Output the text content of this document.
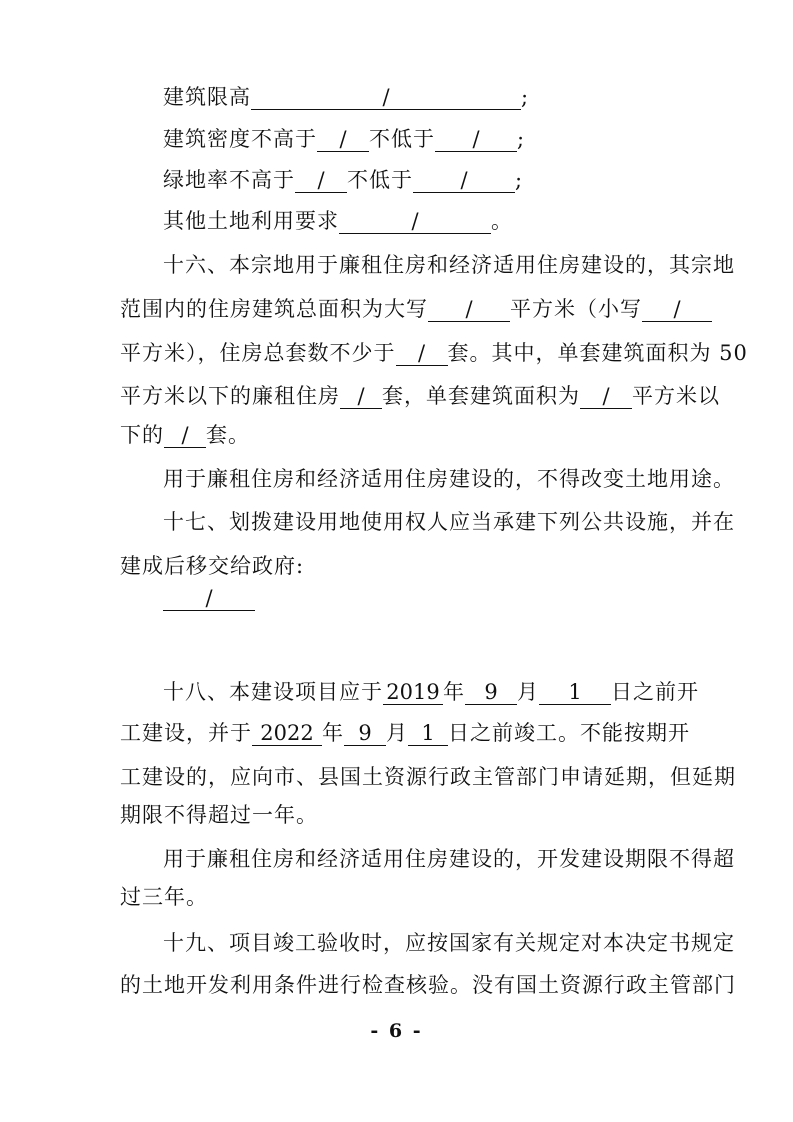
建筑限高	/	;
建筑密度不高于 / 不低于 / ;
绿地率不高于 / 不低于 / ;
其他土地利用要求	/	。
十六、本宗地用于廉租住房和经济适用住房建设的，其宗地
范围内的住房建筑总面积为大写 / 平方米（小写 /
平方米），住房总套数不少于 / 套。其中，单套建筑面积为 50
平方米以下的廉租住房 / 套，单套建筑面积为 / 平方米以
下的 / 套。
用于廉租住房和经济适用住房建设的，不得改变土地用途。
十七、划拨建设用地使用权人应当承建下列公共设施，并在
建成后移交给政府:
/
十八、本建设项目应于 2019 年 9 月 1 日之前开
工建设，并于 2022 年 9 月 1 日之前竣工。不能按期开
工建设的，应向市、县国土资源行政主管部门申请延期，但延期
期限不得超过一年。
用于廉租住房和经济适用住房建设的，开发建设期限不得超
过三年。
十九、项目竣工验收时，应按国家有关规定对本决定书规定
的土地开发利用条件进行检查核验。没有国土资源行政主管部门
- 6 -
